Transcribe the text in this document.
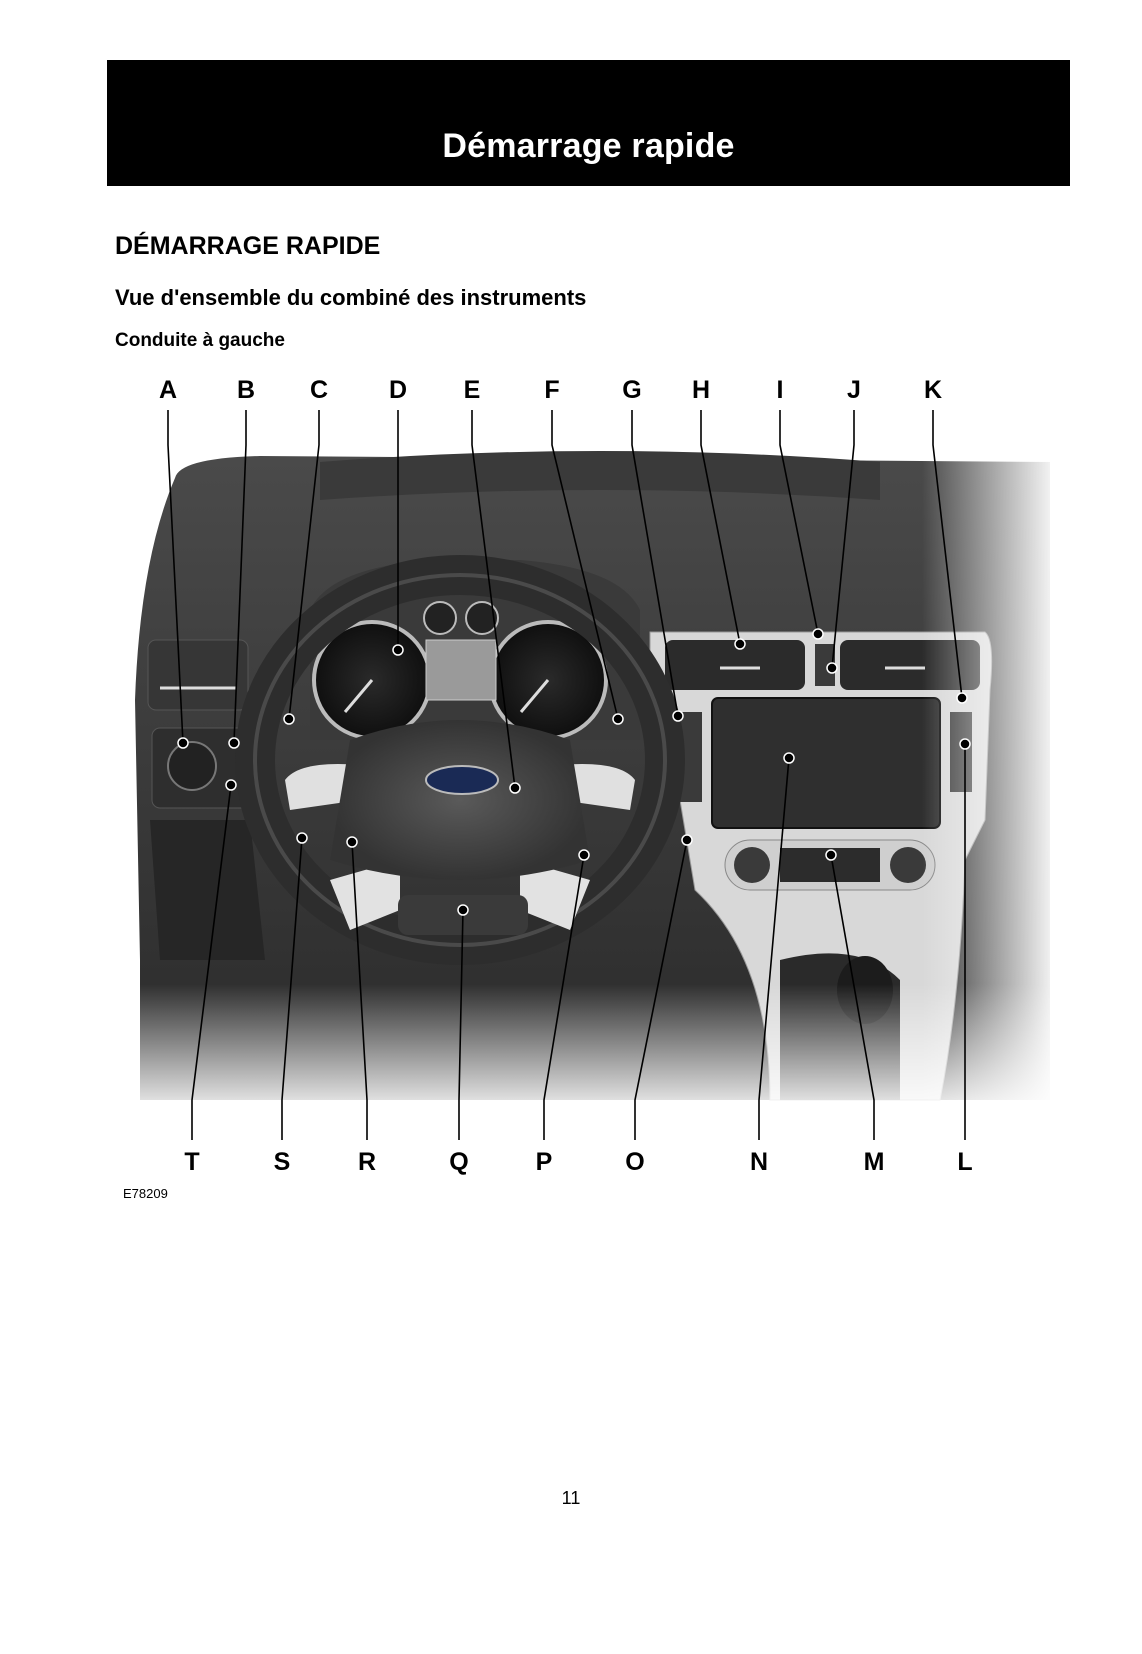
Démarrage rapide
DÉMARRAGE RAPIDE
Vue d'ensemble du combiné des instruments
Conduite à gauche
A B C D E	F	G H	I	J	K
T	S	R	Q	P	O	N	M	L
E78209
11
